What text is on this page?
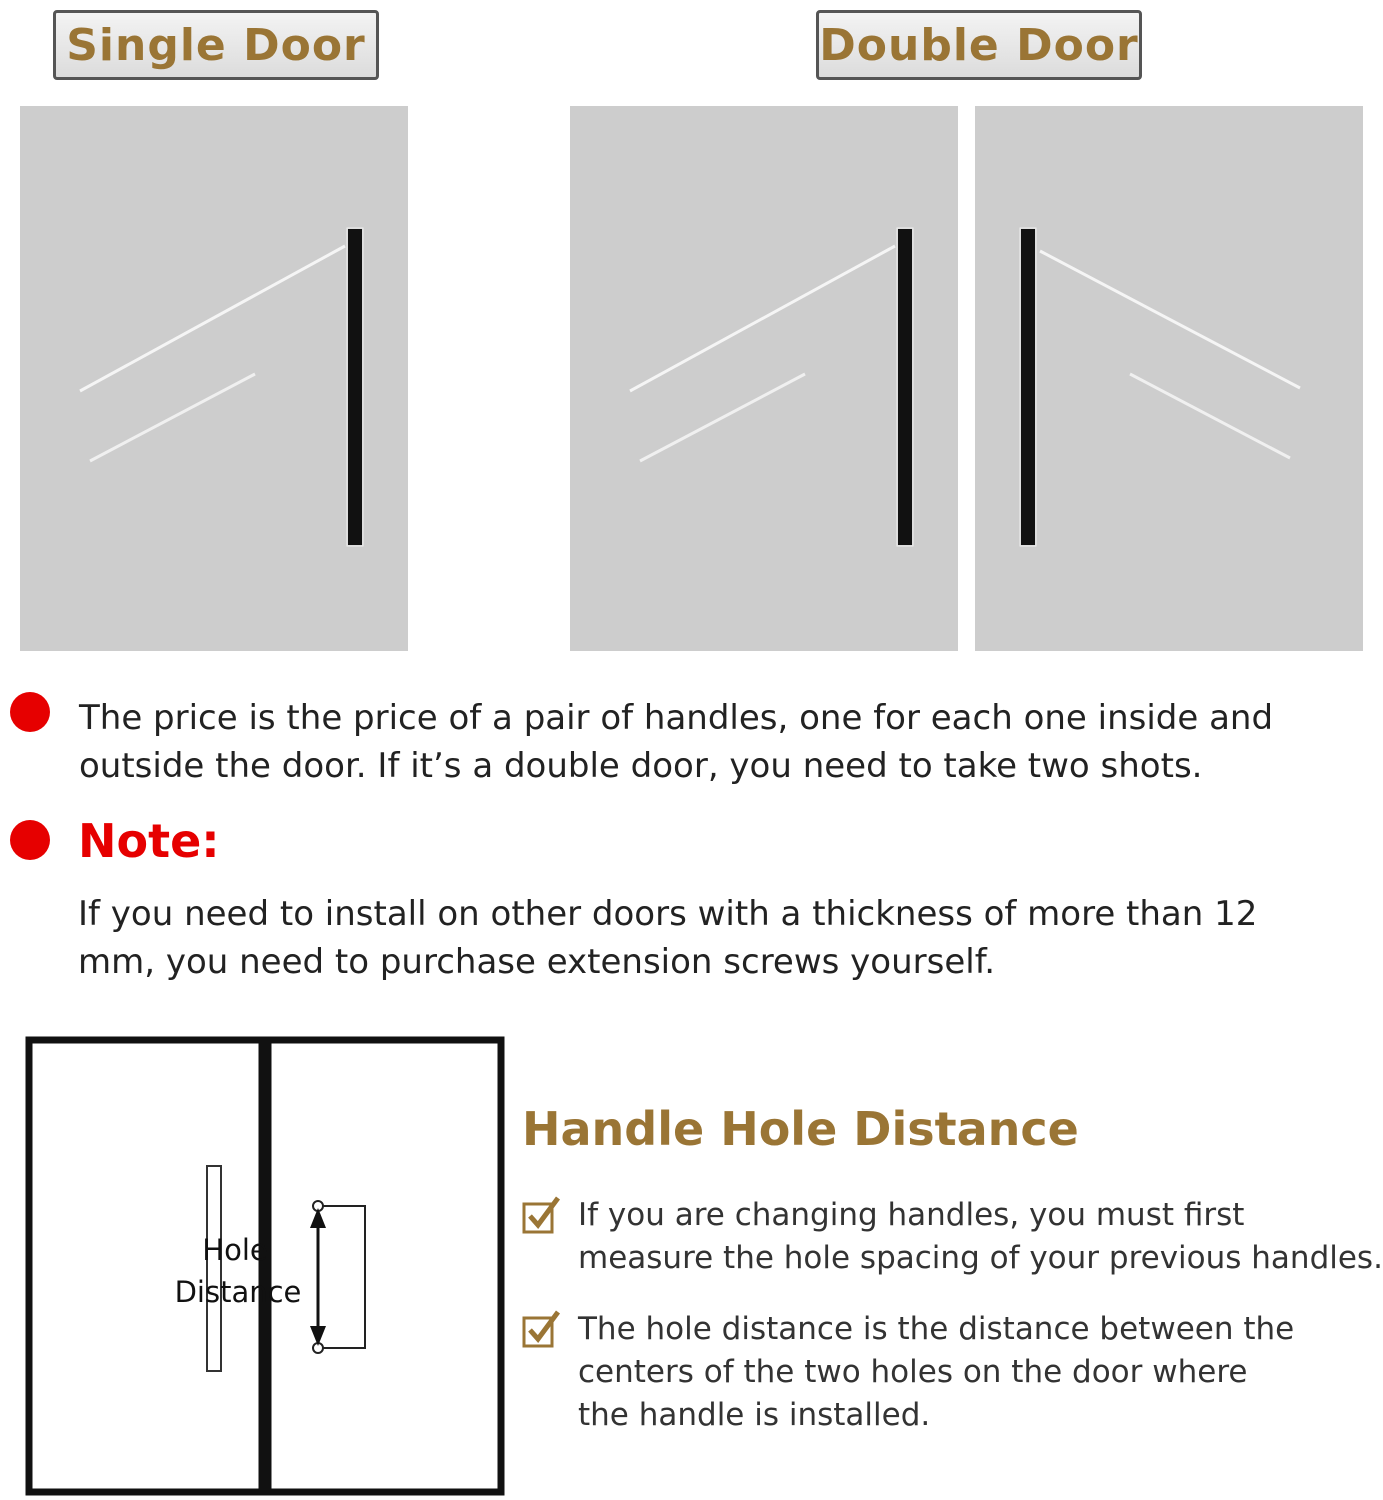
Single Door	Double Door
The price is the price of a pair of handles, one for each one inside and outside the door. If it’s a double door, you need to take two shots.
Note:
If you need to install on other doors with a thickness of more than 12 mm, you need to purchase extension screws yourself.
Hole
Distance
Handle Hole Distance
If you are changing handles, you must first measure the hole spacing of your previous handles.
The hole distance is the distance between the centers of the two holes on the door where the handle is installed.
